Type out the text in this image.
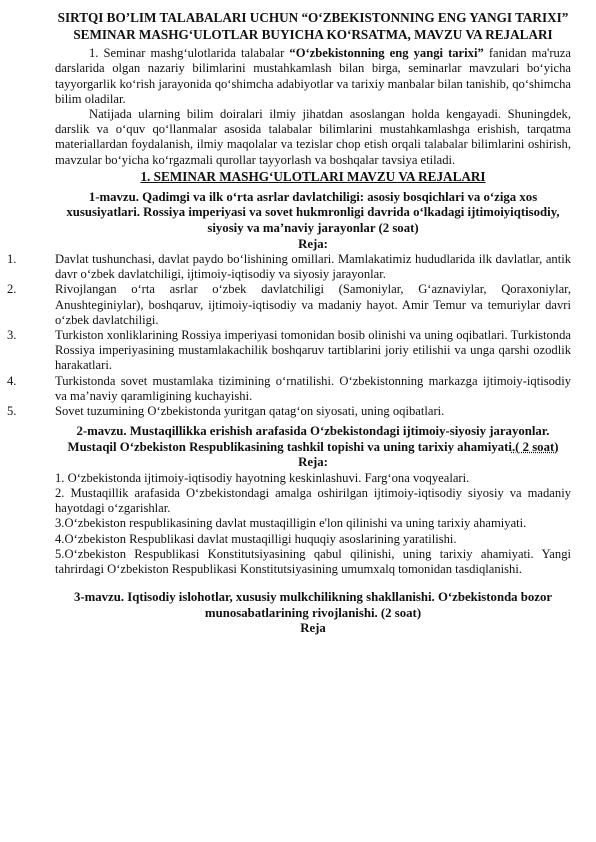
SIRTQI BO’LIM TALABALARI UCHUN “O‘ZBEKISTONNING ENG YANGI TARIXI” SEMINAR MASHG‘ULOTLAR BUYICHA KO‘RSATMA, MAVZU VA REJALARI

1. Seminar mashg‘ulotlarida talabalar “O‘zbekistonning eng yangi tarixi” fanidan ma'ruza darslarida olgan nazariy bilimlarini mustahkamlash bilan birga, seminarlar mavzulari bo‘yicha tayyorgarlik ko‘rish jarayonida qo‘shimcha adabiyotlar va tarixiy manbalar bilan tanishib, qo‘shimcha bilim oladilar.

Natijada ularning bilim doiralari ilmiy jihatdan asoslangan holda kengayadi. Shuningdek, darslik va o‘quv qo‘llanmalar asosida talabalar bilimlarini mustahkamlashga erishish, tarqatma materiallardan foydalanish, ilmiy maqolalar va tezislar chop etish orqali talabalar bilimlarini oshirish, mavzular bo‘yicha ko‘rgazmali qurollar tayyorlash va boshqalar tavsiya etiladi.

1. SEMINAR MASHG‘ULOTLARI MAVZU VA REJALARI
1-mavzu. Qadimgi va ilk o‘rta asrlar davlatchiligi: asosiy bosqichlari va o‘ziga xos xususiyatlari. Rossiya imperiyasi va sovet hukmronligi davrida o‘lkadagi ijtimoiyiqtisodiy, siyosiy va ma’naviy jarayonlar (2 soat)
Reja:
1.	Davlat tushunchasi, davlat paydo bo‘lishining omillari. Mamlakatimiz hududlarida ilk davlatlar, antik davr o‘zbek davlatchiligi, ijtimoiy-iqtisodiy va siyosiy jarayonlar.
2.	Rivojlangan o‘rta asrlar o‘zbek davlatchiligi (Samoniylar, G‘aznaviylar, Qoraxoniylar, Anushteginiylar), boshqaruv, ijtimoiy-iqtisodiy va madaniy hayot. Amir Temur va temuriylar davri o‘zbek davlatchiligi.
3.	Turkiston xonliklarining Rossiya imperiyasi tomonidan bosib olinishi va uning oqibatlari. Turkistonda Rossiya imperiyasining mustamlakachilik boshqaruv tartiblarini joriy etilishii va unga qarshi ozodlik harakatlari.
4.	Turkistonda sovet mustamlaka tizimining o‘rnatilishi. O‘zbekistonning markazga ijtimoiy-iqtisodiy va ma’naviy qaramligining kuchayishi.
5.	Sovet tuzumining O‘zbekistonda yuritgan qatag‘on siyosati, uning oqibatlari.
2-mavzu. Mustaqillikka erishish arafasida O‘zbekistondagi ijtimoiy-siyosiy jarayonlar. Mustaqil O‘zbekiston Respublikasining tashkil topishi va uning tarixiy ahamiyati.( 2 soat)
Reja:
1. O‘zbekistonda ijtimoiy-iqtisodiy hayotning keskinlashuvi. Farg‘ona voqyealari.
2. Mustaqillik arafasida O‘zbekistondagi amalga oshirilgan ijtimoiy-iqtisodiy siyosiy va madaniy hayotdagi o‘zgarishlar.
3.O‘zbekiston respublikasining davlat mustaqilligin e'lon qilinishi va uning tarixiy ahamiyati.
4.O‘zbekiston Respublikasi davlat mustaqilligi huquqiy asoslarining yaratilishi.
5.O‘zbekiston Respublikasi Konstitutsiyasining qabul qilinishi, uning tarixiy ahamiyati. Yangi tahrirdagi O‘zbekiston Respublikasi Konstitutsiyasining umumxalq tomonidan tasdiqlanishi.
3-mavzu. Iqtisodiy islohotlar, xususiy mulkchilikning shakllanishi. O‘zbekistonda bozor munosabatlarining rivojlanishi. (2 soat)
Reja
